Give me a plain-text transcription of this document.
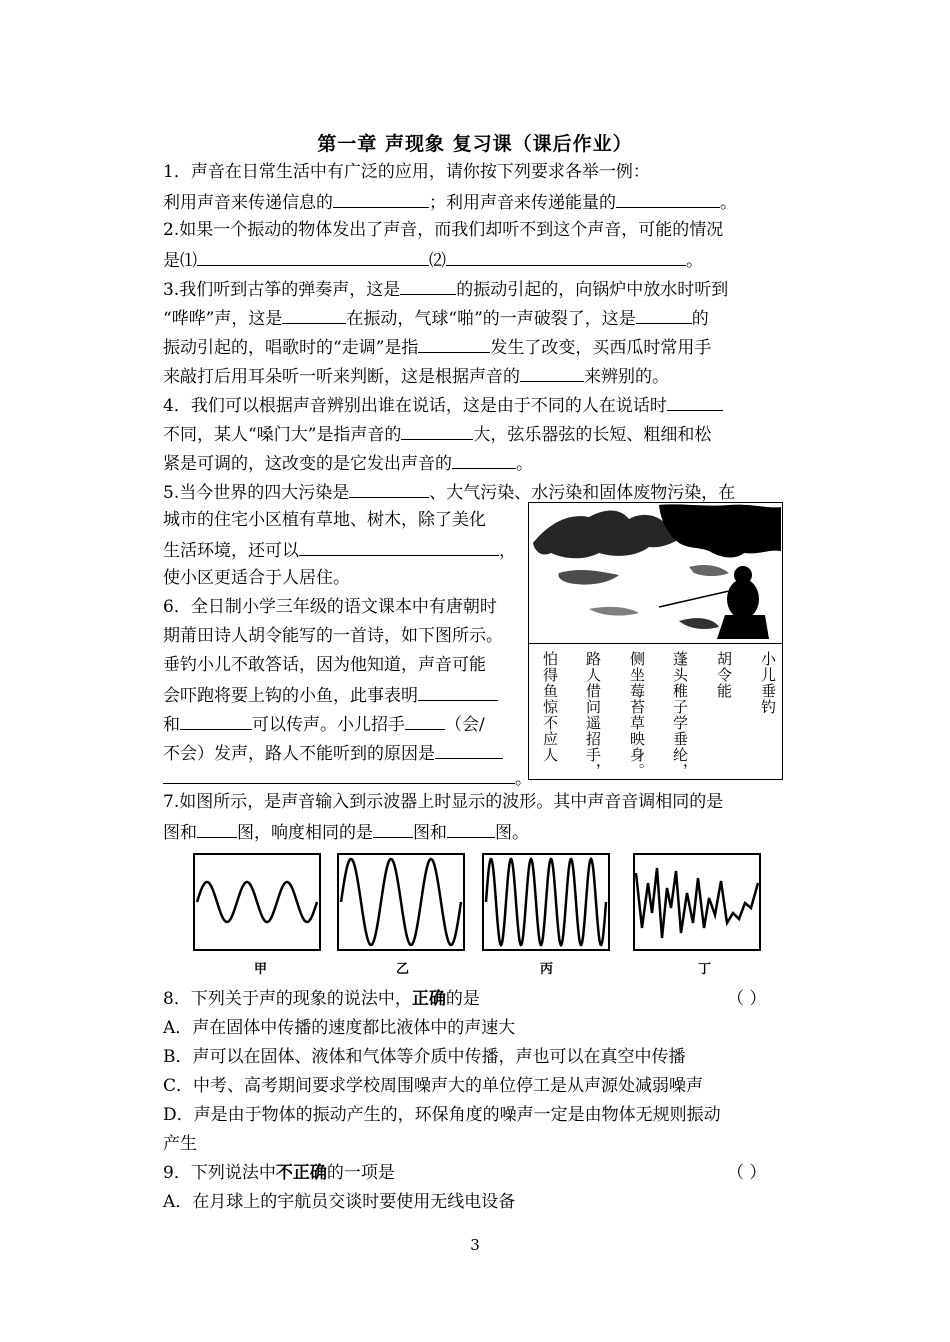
第一章 声现象 复习课（课后作业）
1．声音在日常生活中有广泛的应用，请你按下列要求各举一例：
利用声音来传递信息的	；利用声音来传递能量的	。
2.如果一个振动的物体发出了声音，而我们却听不到这个声音，可能的情况
是⑴	⑵	。
3.我们听到古筝的弹奏声，这是	的振动引起的，向锅炉中放水时听到
“哗哗”声，这是	在振动，气球“啪”的一声破裂了，这是	的
振动引起的，唱歌时的“走调”是指	发生了改变，买西瓜时常用手
来敲打后用耳朵听一听来判断，这是根据声音的	来辨别的。
4．我们可以根据声音辨别出谁在说话，这是由于不同的人在说话时
不同，某人“嗓门大”是指声音的	大，弦乐器弦的长短、粗细和松
紧是可调的，这改变的是它发出声音的	。
5.当今世界的四大污染是	、大气污染、水污染和固体废物污染，在
城市的住宅小区植有草地、树木，除了美化
生活环境，还可以	，
使小区更适合于人居住。
6．全日制小学三年级的语文课本中有唐朝时
期莆田诗人胡令能写的一首诗，如下图所示。
垂钓小儿不敢答话，因为他知道，声音可能
会吓跑将要上钩的小鱼，此事表明
和	可以传声。小儿招手 （会/
不会）发声，路人不能听到的原因是
。
小儿垂钓
胡令能
蓬头稚子学垂纶，
侧坐莓苔草映身。
路人借问遥招手，
怕得鱼惊不应人
7.如图所示，是声音输入到示波器上时显示的波形。其中声音音调相同的是
图和 图，响度相同的是 图和	图。
甲	乙	丙	丁
8．下列关于声的现象的说法中，正确的是	（ ）
A．声在固体中传播的速度都比液体中的声速大
B．声可以在固体、液体和气体等介质中传播，声也可以在真空中传播
C．中考、高考期间要求学校周围噪声大的单位停工是从声源处减弱噪声
D．声是由于物体的振动产生的，环保角度的噪声一定是由物体无规则振动
产生
9．下列说法中不正确的一项是	（ ）
A．在月球上的宇航员交谈时要使用无线电设备
3
